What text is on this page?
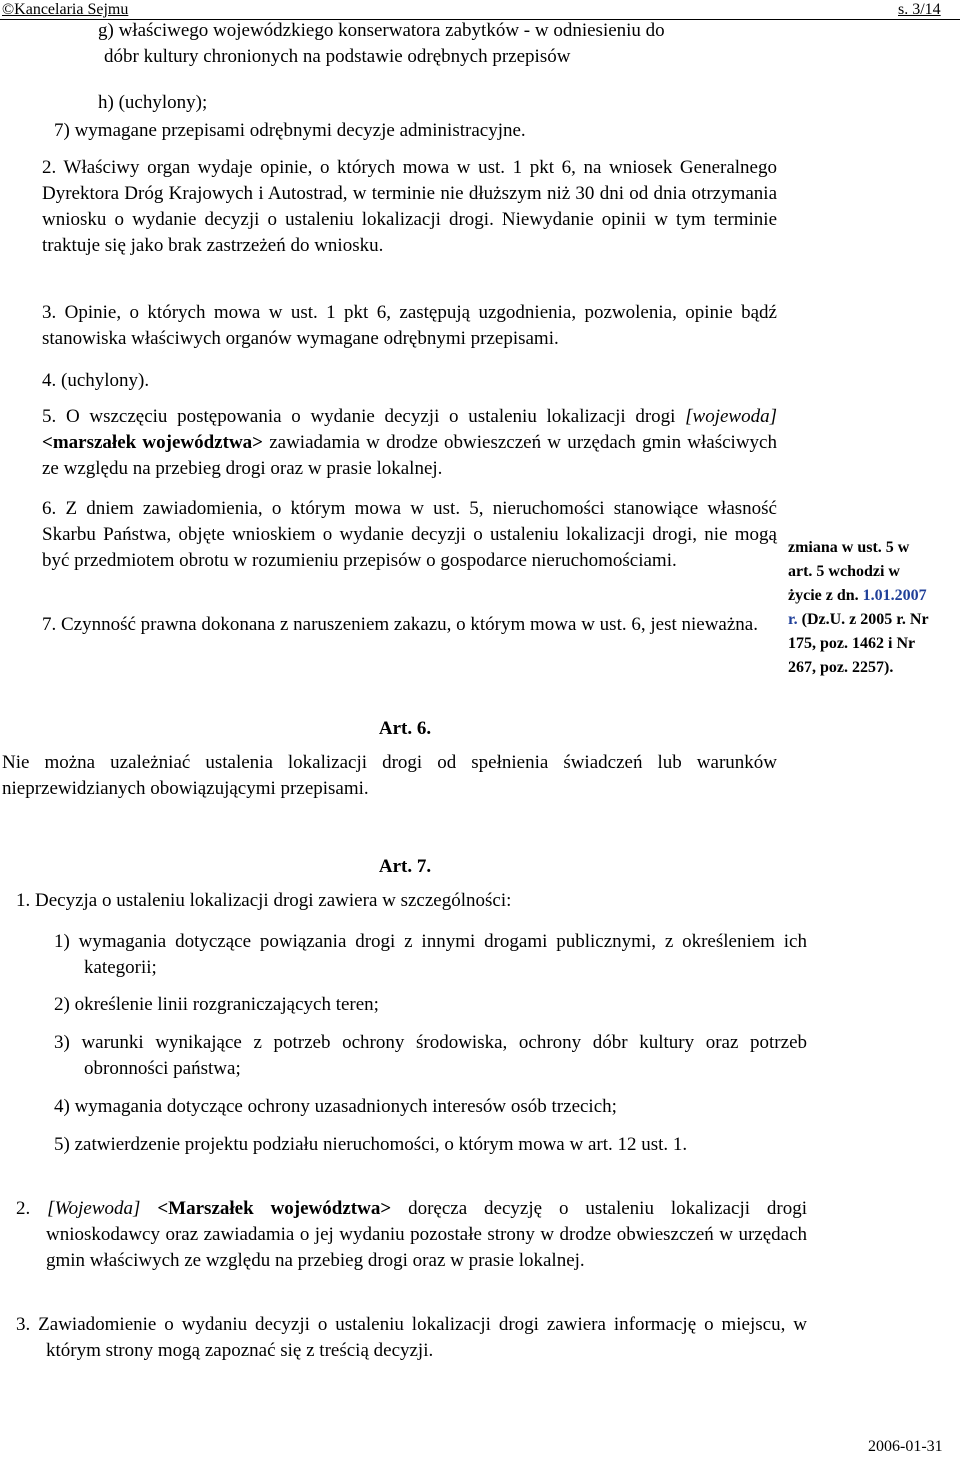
©Kancelaria Sejmu	s. 3/14
g) właściwego wojewódzkiego konserwatora zabytków - w odniesieniu do
dóbr kultury chronionych na podstawie odrębnych przepisów
h) (uchylony);
7) wymagane przepisami odrębnymi decyzje administracyjne.
2. Właściwy organ wydaje opinie, o których mowa w ust. 1 pkt 6, na wniosek Generalnego Dyrektora Dróg Krajowych i Autostrad, w terminie nie dłuższym niż 30 dni od dnia otrzymania wniosku o wydanie decyzji o ustaleniu lokalizacji drogi. Niewydanie opinii w tym terminie traktuje się jako brak zastrzeżeń do wniosku.
3. Opinie, o których mowa w ust. 1 pkt 6, zastępują uzgodnienia, pozwolenia, opinie bądź stanowiska właściwych organów wymagane odrębnymi przepisami.
4. (uchylony).
5. O wszczęciu postępowania o wydanie decyzji o ustaleniu lokalizacji drogi [wojewoda] <marszałek województwa> zawiadamia w drodze obwieszczeń w urzędach gmin właściwych ze względu na przebieg drogi oraz w prasie lokalnej.
6. Z dniem zawiadomienia, o którym mowa w ust. 5, nieruchomości stanowiące własność Skarbu Państwa, objęte wnioskiem o wydanie decyzji o ustaleniu lokalizacji drogi, nie mogą być przedmiotem obrotu w rozumieniu przepisów o gospodarce nieruchomościami.
7. Czynność prawna dokonana z naruszeniem zakazu, o którym mowa w ust. 6, jest nieważna.
zmiana w ust. 5 w
art. 5 wchodzi w
życie z dn. 1.01.2007
r. (Dz.U. z 2005 r. Nr
175, poz. 1462 i Nr
267, poz. 2257).
Art. 6.
Nie można uzależniać ustalenia lokalizacji drogi od spełnienia świadczeń lub warunków nieprzewidzianych obowiązującymi przepisami.
Art. 7.
1. Decyzja o ustaleniu lokalizacji drogi zawiera w szczególności:
1) wymagania dotyczące powiązania drogi z innymi drogami publicznymi, z określeniem ich kategorii;
2) określenie linii rozgraniczających teren;
3) warunki wynikające z potrzeb ochrony środowiska, ochrony dóbr kultury oraz potrzeb obronności państwa;
4) wymagania dotyczące ochrony uzasadnionych interesów osób trzecich;
5) zatwierdzenie projektu podziału nieruchomości, o którym mowa w art. 12 ust. 1.
2. [Wojewoda] <Marszałek województwa> doręcza decyzję o ustaleniu lokalizacji drogi wnioskodawcy oraz zawiadamia o jej wydaniu pozostałe strony w drodze obwieszczeń w urzędach gmin właściwych ze względu na przebieg drogi oraz w prasie lokalnej.
3. Zawiadomienie o wydaniu decyzji o ustaleniu lokalizacji drogi zawiera informację o miejscu, w którym strony mogą zapoznać się z treścią decyzji.
2006-01-31
